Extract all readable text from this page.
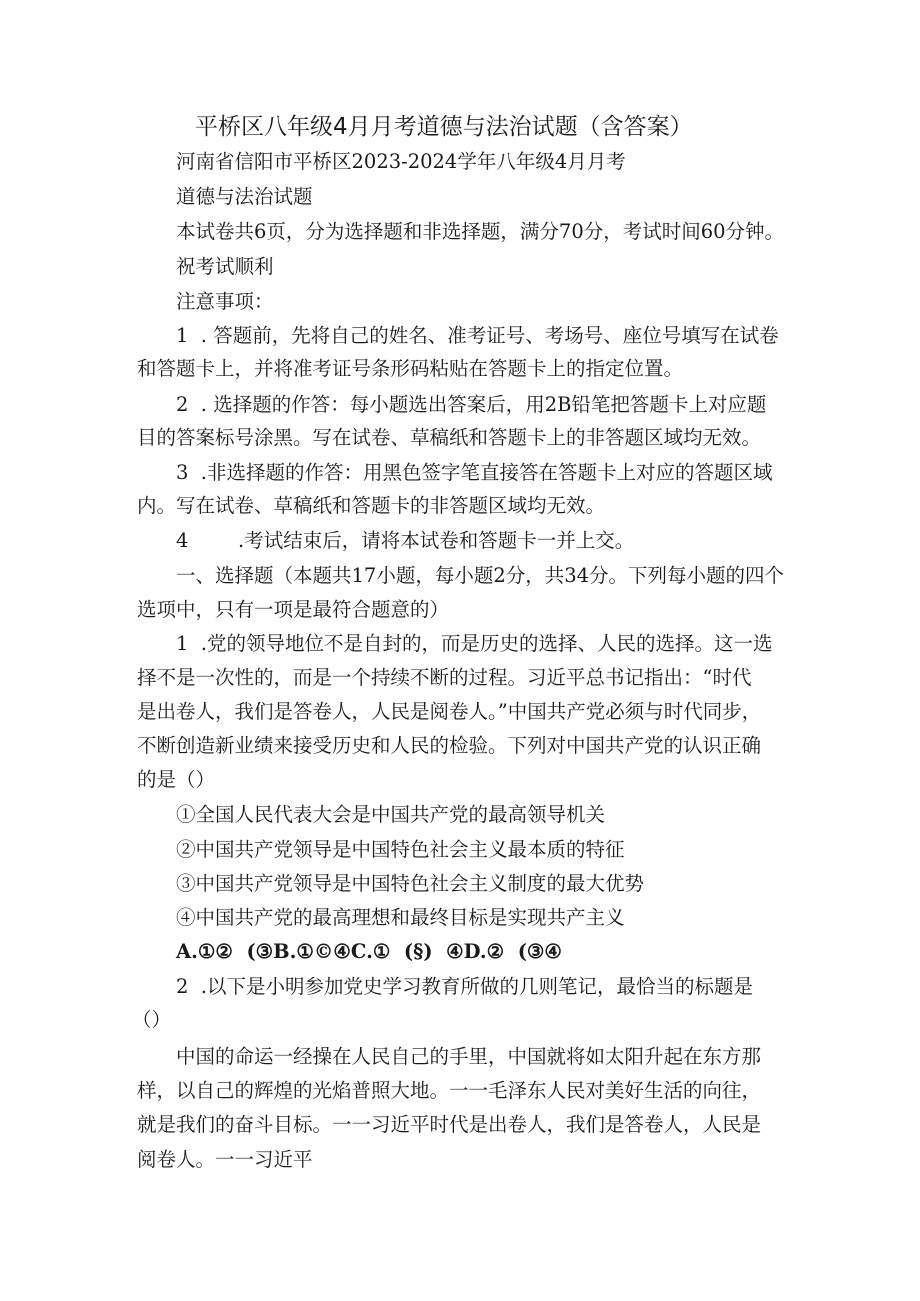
平桥区八年级4月月考道德与法治试题（含答案）
河南省信阳市平桥区2023-2024学年八年级4月月考
道德与法治试题
本试卷共6页，分为选择题和非选择题，满分70分，考试时间60分钟。
祝考试顺利
注意事项：
1  . 答题前，先将自己的姓名、准考证号、考场号、座位号填写在试卷
和答题卡上，并将准考证号条形码粘贴在答题卡上的指定位置。
2  . 选择题的作答：每小题选出答案后，用2B铅笔把答题卡上对应题
目的答案标号涂黑。写在试卷、草稿纸和答题卡上的非答题区域均无效。
3  .非选择题的作答：用黑色签字笔直接答在答题卡上对应的答题区域
内。写在试卷、草稿纸和答题卡的非答题区域均无效。
4        .考试结束后，请将本试卷和答题卡一并上交。
一、选择题（本题共17小题，每小题2分，共34分。下列每小题的四个
选项中，只有一项是最符合题意的）
1  .党的领导地位不是自封的，而是历史的选择、人民的选择。这一选
择不是一次性的，而是一个持续不断的过程。习近平总书记指出：“时代
是出卷人，我们是答卷人，人民是阅卷人。”中国共产党必须与时代同步，
不断创造新业绩来接受历史和人民的检验。下列对中国共产党的认识正确
的是（）
①全国人民代表大会是中国共产党的最高领导机关
②中国共产党领导是中国特色社会主义最本质的特征
③中国共产党领导是中国特色社会主义制度的最大优势
④中国共产党的最高理想和最终目标是实现共产主义
A.①②  (③B.①©④C.①  (§)  ④D.②  (③④
2  .以下是小明参加党史学习教育所做的几则笔记，最恰当的标题是
（）
中国的命运一经操在人民自己的手里，中国就将如太阳升起在东方那
样，以自己的辉煌的光焰普照大地。一一毛泽东人民对美好生活的向往，
就是我们的奋斗目标。一一习近平时代是出卷人，我们是答卷人，人民是
阅卷人。一一习近平
